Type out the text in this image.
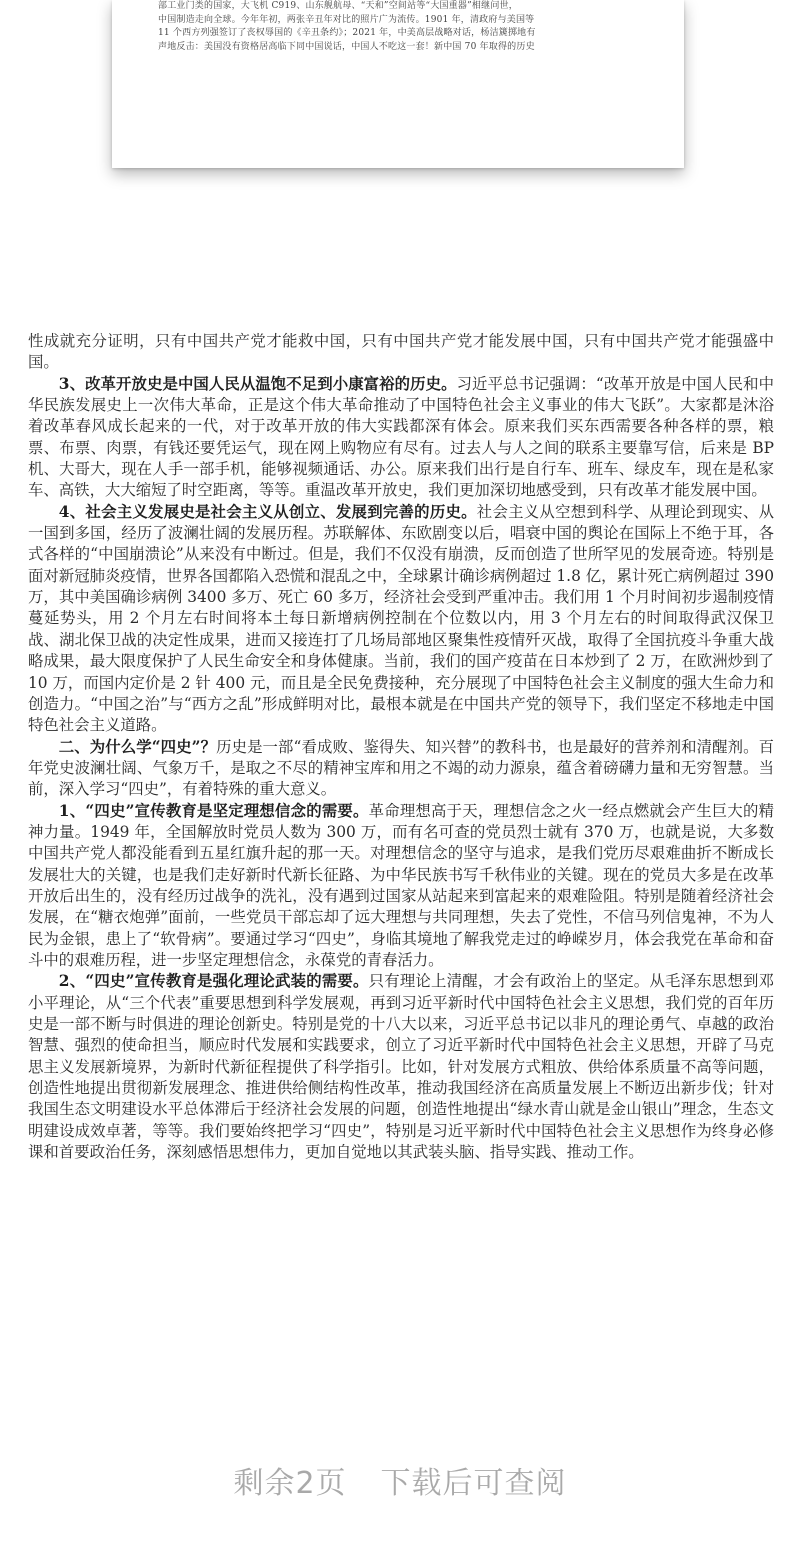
部工业门类的国家，大飞机 C919、山东舰航母、“天和”空间站等“大国重器”相继问世，
中国制造走向全球。今年年初，两张辛丑年对比的照片广为流传。1901 年，清政府与美国等
11 个西方列强签订了丧权辱国的《辛丑条约》；2021 年，中美高层战略对话，杨洁篪掷地有
声地反击：美国没有资格居高临下同中国说话，中国人不吃这一套！新中国 70 年取得的历史

性成就充分证明，只有中国共产党才能救中国，只有中国共产党才能发展中国，只有中国共产党才能强盛中国。

3、改革开放史是中国人民从温饱不足到小康富裕的历史。习近平总书记强调：“改革开放是中国人民和中华民族发展史上一次伟大革命，正是这个伟大革命推动了中国特色社会主义事业的伟大飞跃”。大家都是沐浴着改革春风成长起来的一代，对于改革开放的伟大实践都深有体会。原来我们买东西需要各种各样的票，粮票、布票、肉票，有钱还要凭运气，现在网上购物应有尽有。过去人与人之间的联系主要靠写信，后来是 BP 机、大哥大，现在人手一部手机，能够视频通话、办公。原来我们出行是自行车、班车、绿皮车，现在是私家车、高铁，大大缩短了时空距离，等等。重温改革开放史，我们更加深切地感受到，只有改革才能发展中国。

4、社会主义发展史是社会主义从创立、发展到完善的历史。社会主义从空想到科学、从理论到现实、从一国到多国，经历了波澜壮阔的发展历程。苏联解体、东欧剧变以后，唱衰中国的舆论在国际上不绝于耳，各式各样的“中国崩溃论”从来没有中断过。但是，我们不仅没有崩溃，反而创造了世所罕见的发展奇迹。特别是面对新冠肺炎疫情，世界各国都陷入恐慌和混乱之中，全球累计确诊病例超过 1.8 亿，累计死亡病例超过 390 万，其中美国确诊病例 3400 多万、死亡 60 多万，经济社会受到严重冲击。我们用 1 个月时间初步遏制疫情蔓延势头，用 2 个月左右时间将本土每日新增病例控制在个位数以内，用 3 个月左右的时间取得武汉保卫战、湖北保卫战的决定性成果，进而又接连打了几场局部地区聚集性疫情歼灭战，取得了全国抗疫斗争重大战略成果，最大限度保护了人民生命安全和身体健康。当前，我们的国产疫苗在日本炒到了 2 万，在欧洲炒到了 10 万，而国内定价是 2 针 400 元，而且是全民免费接种，充分展现了中国特色社会主义制度的强大生命力和创造力。“中国之治”与“西方之乱”形成鲜明对比，最根本就是在中国共产党的领导下，我们坚定不移地走中国特色社会主义道路。

二、为什么学“四史”？历史是一部“看成败、鉴得失、知兴替”的教科书，也是最好的营养剂和清醒剂。百年党史波澜壮阔、气象万千，是取之不尽的精神宝库和用之不竭的动力源泉，蕴含着磅礴力量和无穷智慧。当前，深入学习“四史”，有着特殊的重大意义。

1、“四史”宣传教育是坚定理想信念的需要。革命理想高于天，理想信念之火一经点燃就会产生巨大的精神力量。1949 年，全国解放时党员人数为 300 万，而有名可查的党员烈士就有 370 万，也就是说，大多数中国共产党人都没能看到五星红旗升起的那一天。对理想信念的坚守与追求，是我们党历尽艰难曲折不断成长发展壮大的关键，也是我们走好新时代新长征路、为中华民族书写千秋伟业的关键。现在的党员大多是在改革开放后出生的，没有经历过战争的洗礼，没有遇到过国家从站起来到富起来的艰难险阻。特别是随着经济社会发展，在“糖衣炮弹”面前，一些党员干部忘却了远大理想与共同理想，失去了党性，不信马列信鬼神，不为人民为金银，患上了“软骨病”。要通过学习“四史”，身临其境地了解我党走过的峥嵘岁月，体会我党在革命和奋斗中的艰难历程，进一步坚定理想信念，永葆党的青春活力。

2、“四史”宣传教育是强化理论武装的需要。只有理论上清醒，才会有政治上的坚定。从毛泽东思想到邓小平理论，从“三个代表”重要思想到科学发展观，再到习近平新时代中国特色社会主义思想，我们党的百年历史是一部不断与时俱进的理论创新史。特别是党的十八大以来，习近平总书记以非凡的理论勇气、卓越的政治智慧、强烈的使命担当，顺应时代发展和实践要求，创立了习近平新时代中国特色社会主义思想，开辟了马克思主义发展新境界，为新时代新征程提供了科学指引。比如，针对发展方式粗放、供给体系质量不高等问题，创造性地提出贯彻新发展理念、推进供给侧结构性改革，推动我国经济在高质量发展上不断迈出新步伐；针对我国生态文明建设水平总体滞后于经济社会发展的问题，创造性地提出“绿水青山就是金山银山”理念，生态文明建设成效卓著，等等。我们要始终把学习“四史”，特别是习近平新时代中国特色社会主义思想作为终身必修课和首要政治任务，深刻感悟思想伟力，更加自觉地以其武装头脑、指导实践、推动工作。

剩余2页 下载后可查阅
